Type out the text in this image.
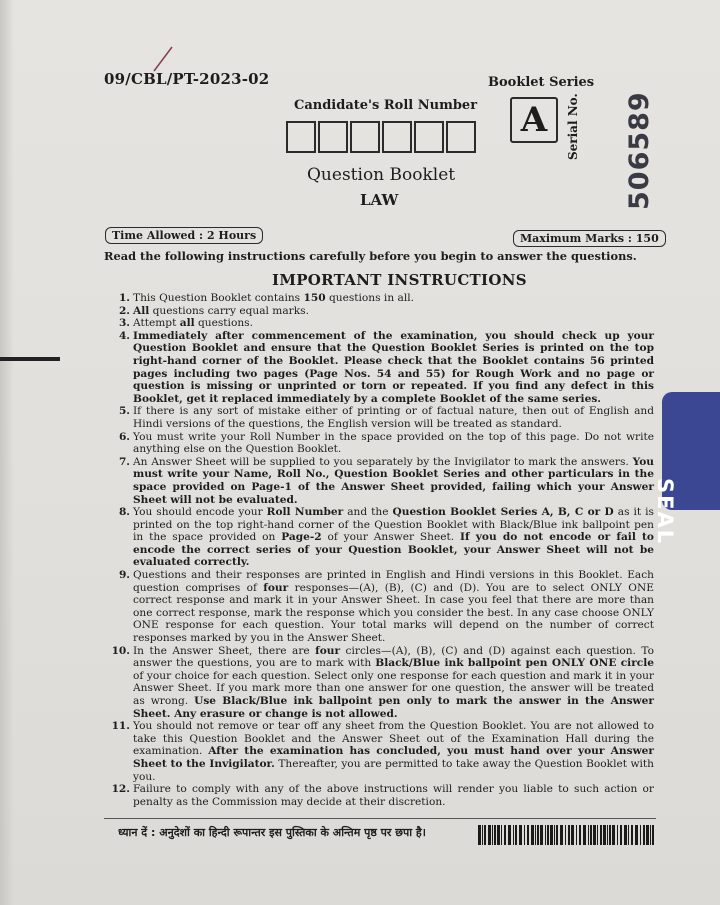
09/CBL/PT-2023-02	Booklet Series
Candidate's Roll Number	A
Question Booklet
LAW
Serial No. 506589
Time Allowed : 2 Hours	Maximum Marks : 150
Read the following instructions carefully before you begin to answer the questions.
IMPORTANT INSTRUCTIONS
1. This Question Booklet contains 150 questions in all.
2. All questions carry equal marks.
3. Attempt all questions.
4. Immediately after commencement of the examination, you should check up your Question Booklet and ensure that the Question Booklet Series is printed on the top right-hand corner of the Booklet. Please check that the Booklet contains 56 printed pages including two pages (Page Nos. 54 and 55) for Rough Work and no page or question is missing or unprinted or torn or repeated. If you find any defect in this Booklet, get it replaced immediately by a complete Booklet of the same series.
5. If there is any sort of mistake either of printing or of factual nature, then out of English and Hindi versions of the questions, the English version will be treated as standard.
6. You must write your Roll Number in the space provided on the top of this page. Do not write anything else on the Question Booklet.
7. An Answer Sheet will be supplied to you separately by the Invigilator to mark the answers. You must write your Name, Roll No., Question Booklet Series and other particulars in the space provided on Page-1 of the Answer Sheet provided, failing which your Answer Sheet will not be evaluated.
8. You should encode your Roll Number and the Question Booklet Series A, B, C or D as it is printed on the top right-hand corner of the Question Booklet with Black/Blue ink ballpoint pen in the space provided on Page-2 of your Answer Sheet. If you do not encode or fail to encode the correct series of your Question Booklet, your Answer Sheet will not be evaluated correctly.
9. Questions and their responses are printed in English and Hindi versions in this Booklet. Each question comprises of four responses—(A), (B), (C) and (D). You are to select ONLY ONE correct response and mark it in your Answer Sheet. In case you feel that there are more than one correct response, mark the response which you consider the best. In any case choose ONLY ONE response for each question. Your total marks will depend on the number of correct responses marked by you in the Answer Sheet.
10. In the Answer Sheet, there are four circles—(A), (B), (C) and (D) against each question. To answer the questions, you are to mark with Black/Blue ink ballpoint pen ONLY ONE circle of your choice for each question. Select only one response for each question and mark it in your Answer Sheet. If you mark more than one answer for one question, the answer will be treated as wrong. Use Black/Blue ink ballpoint pen only to mark the answer in the Answer Sheet. Any erasure or change is not allowed.
11. You should not remove or tear off any sheet from the Question Booklet. You are not allowed to take this Question Booklet and the Answer Sheet out of the Examination Hall during the examination. After the examination has concluded, you must hand over your Answer Sheet to the Invigilator. Thereafter, you are permitted to take away the Question Booklet with you.
12. Failure to comply with any of the above instructions will render you liable to such action or penalty as the Commission may decide at their discretion.
ध्यान दें : अनुदेशों का हिन्दी रूपान्तर इस पुस्तिका के अन्तिम पृष्ठ पर छपा है।
SEAL
